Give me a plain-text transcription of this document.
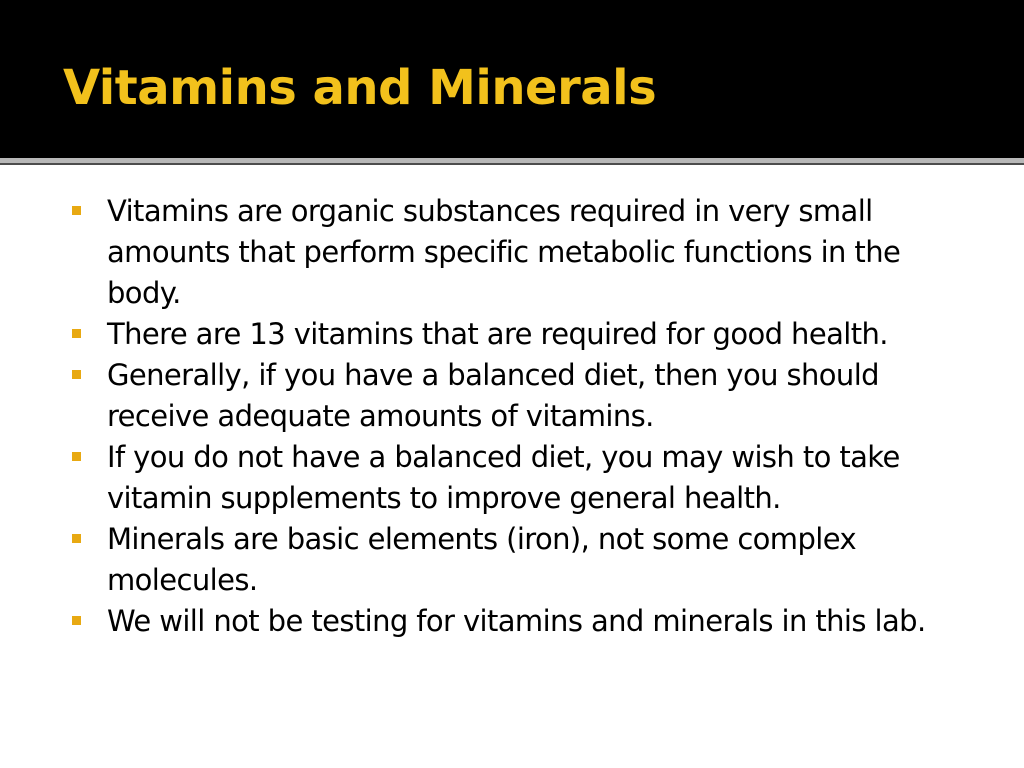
Vitamins and Minerals
Vitamins are organic substances required in very small amounts that perform specific metabolic functions in the body.
There are 13 vitamins that are required for good health.
Generally, if you have a balanced diet, then you should receive adequate amounts of vitamins.
If you do not have a balanced diet, you may wish to take vitamin supplements to improve general health.
Minerals are basic elements (iron), not some complex molecules.
We will not be testing for vitamins and minerals in this lab.
